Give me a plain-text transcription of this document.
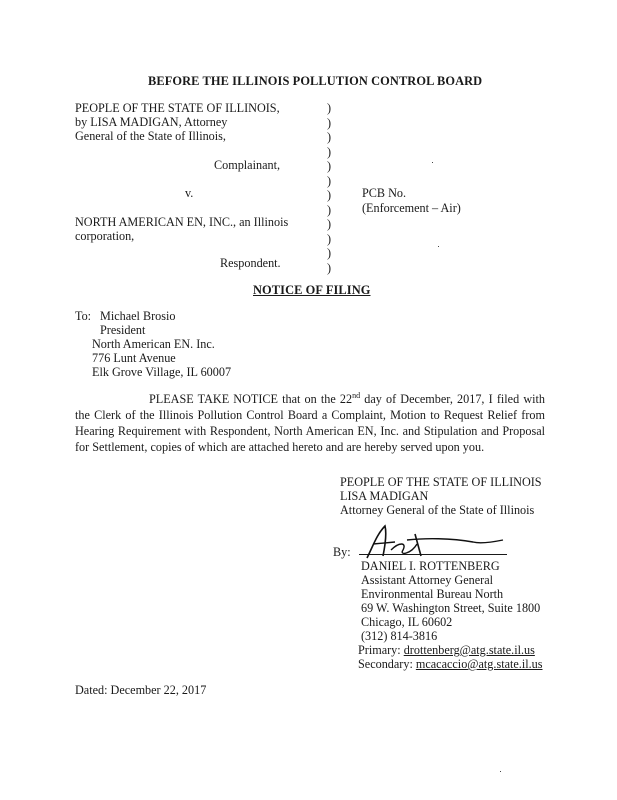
BEFORE THE ILLINOIS POLLUTION CONTROL BOARD
PEOPLE OF THE STATE OF ILLINOIS,
by LISA MADIGAN, Attorney
General of the State of Illinois,
Complainant,
v.	PCB No.
(Enforcement – Air)
NORTH AMERICAN EN, INC., an Illinois
corporation,
Respondent.
)
)
)
)
)
)
)
)
)
)
)
)
NOTICE OF FILING
To: Michael Brosio
President
North American EN. Inc.
776 Lunt Avenue
Elk Grove Village, IL 60007
PLEASE TAKE NOTICE that on the 22nd day of December, 2017, I filed with the Clerk of the Illinois Pollution Control Board a Complaint, Motion to Request Relief from Hearing Requirement with Respondent, North American EN, Inc. and Stipulation and Proposal for Settlement, copies of which are attached hereto and are hereby served upon you.
PEOPLE OF THE STATE OF ILLINOIS
LISA MADIGAN
Attorney General of the State of Illinois
By:
DANIEL I. ROTTENBERG
Assistant Attorney General
Environmental Bureau North
69 W. Washington Street, Suite 1800
Chicago, IL 60602
(312) 814-3816
Primary: drottenberg@atg.state.il.us
Secondary: mcacaccio@atg.state.il.us
Dated: December 22, 2017
